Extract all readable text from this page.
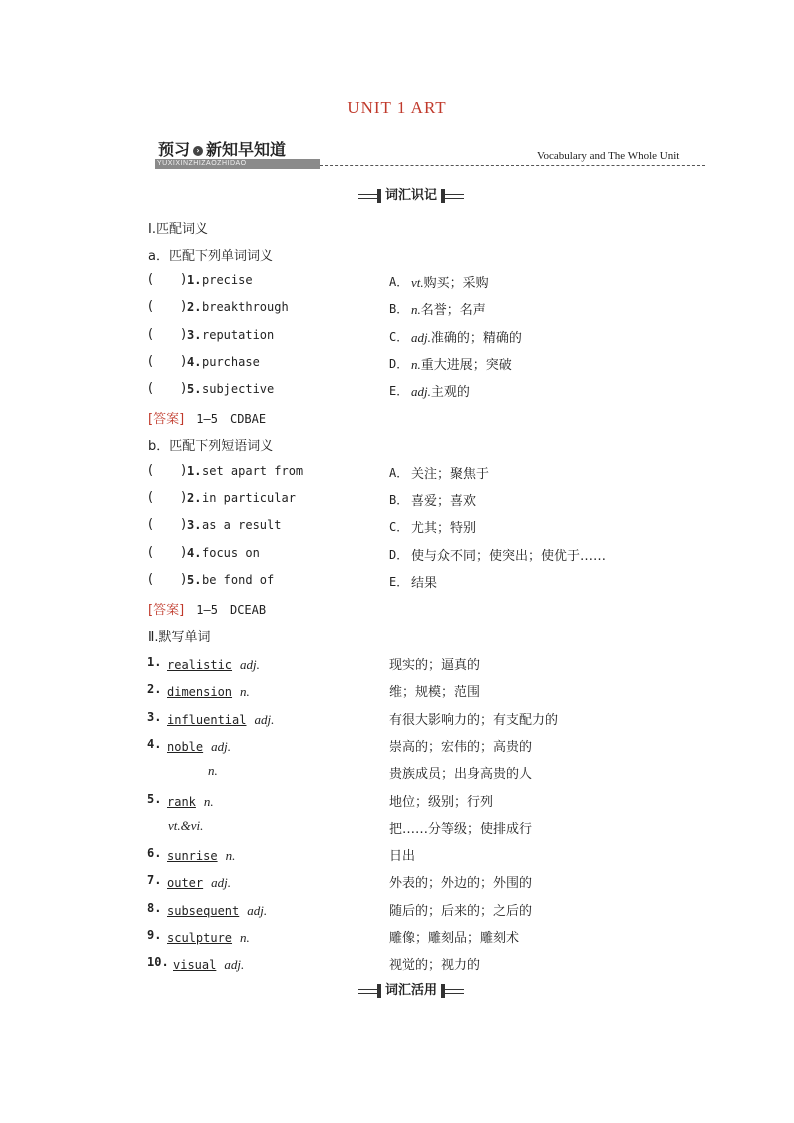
UNIT 1 ART
预习 › 新知早知道
YUXIXINZHIZAOZHIDAO
Vocabulary and The Whole Unit
词汇识记
Ⅰ.匹配词义
a．匹配下列单词词义
( ) 1. precise	A． vt.购买；采购
( ) 2. breakthrough	B． n.名誉；名声
( ) 3. reputation	C． adj.准确的；精确的
( ) 4. purchase	D． n.重大进展；突破
( ) 5. subjective	E． adj.主观的
[答案] 1—5　CDBAE
b．匹配下列短语词义
( ) 1. set apart from	A． 关注；聚焦于
( ) 2. in particular	B． 喜爱；喜欢
( ) 3. as a result	C． 尤其；特别
( ) 4. focus on	D． 使与众不同；使突出；使优于……
( ) 5. be fond of	E． 结果
[答案] 1—5　DCEAB
Ⅱ.默写单词
1. realistic adj.	现实的；逼真的
2. dimension n.	维；规模；范围
3. influential adj.	有很大影响力的；有支配力的
4. noble adj.	崇高的；宏伟的；高贵的
n.	贵族成员；出身高贵的人
5. rank n.	地位；级别；行列
vt.&vi.	把……分等级；使排成行
6. sunrise n.	日出
7. outer adj.	外表的；外边的；外围的
8. subsequent adj.	随后的；后来的；之后的
9. sculpture n.	雕像；雕刻品；雕刻术
10. visual adj.	视觉的；视力的
词汇活用
